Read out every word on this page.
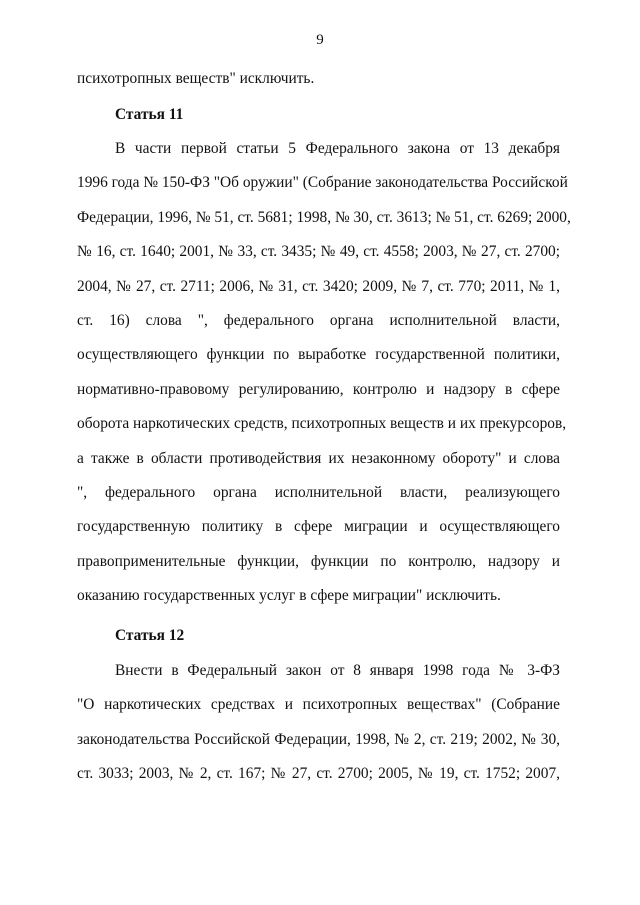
9
психотропных веществ" исключить.
Статья 11
В части первой статьи 5 Федерального закона от 13 декабря
1996 года № 150-ФЗ "Об оружии" (Собрание законодательства Российской
Федерации, 1996, № 51, ст. 5681; 1998, № 30, ст. 3613; № 51, ст. 6269; 2000,
№ 16, ст. 1640; 2001, № 33, ст. 3435; № 49, ст. 4558; 2003, № 27, ст. 2700;
2004, № 27, ст. 2711; 2006, № 31, ст. 3420; 2009, № 7, ст. 770; 2011, № 1,
ст. 16) слова ", федерального органа исполнительной власти,
осуществляющего функции по выработке государственной политики,
нормативно-правовому регулированию, контролю и надзору в сфере
оборота наркотических средств, психотропных веществ и их прекурсоров,
а также в области противодействия их незаконному обороту" и слова
", федерального органа исполнительной власти, реализующего
государственную политику в сфере миграции и осуществляющего
правоприменительные функции, функции по контролю, надзору и
оказанию государственных услуг в сфере миграции" исключить.
Статья 12
Внести в Федеральный закон от 8 января 1998 года № 3-ФЗ
"О наркотических средствах и психотропных веществах" (Собрание
законодательства Российской Федерации, 1998, № 2, ст. 219; 2002, № 30,
ст. 3033; 2003, № 2, ст. 167; № 27, ст. 2700; 2005, № 19, ст. 1752; 2007,
